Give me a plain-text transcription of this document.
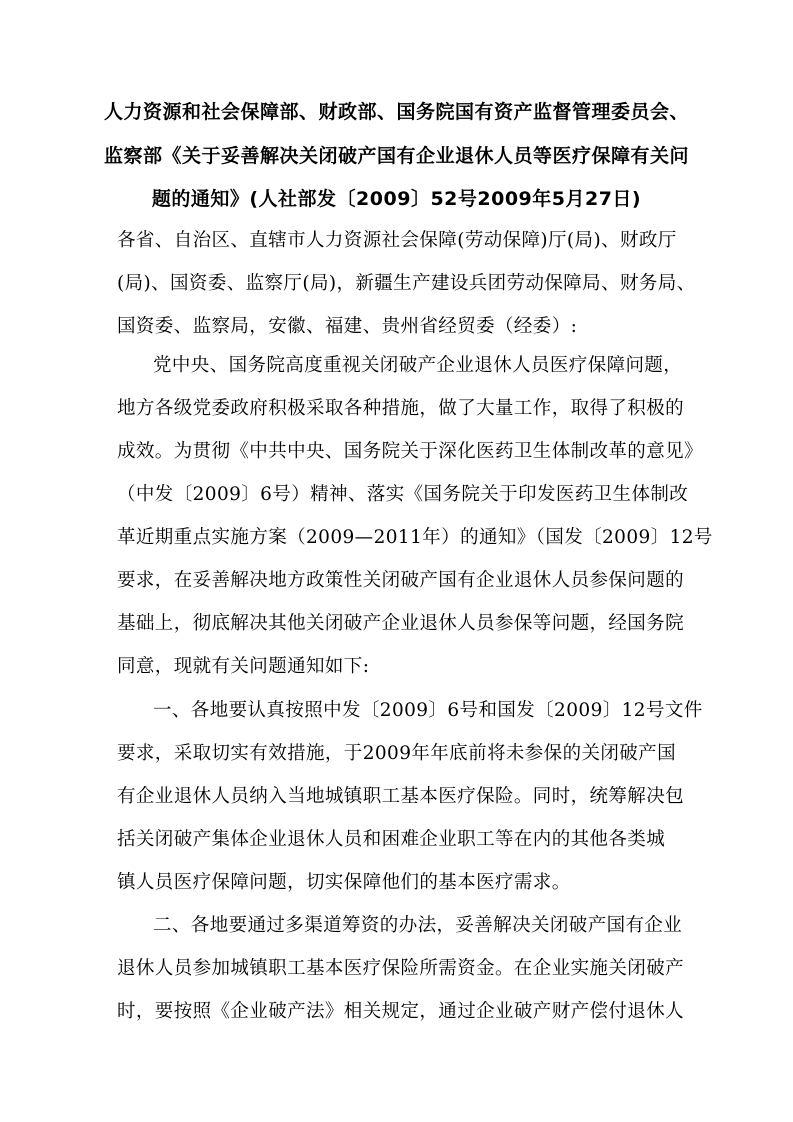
人力资源和社会保障部、财政部、国务院国有资产监督管理委员会、
监察部《关于妥善解决关闭破产国有企业退休人员等医疗保障有关问
题的通知》(人社部发〔2009〕52号2009年5月27日)
各省、自治区、直辖市人力资源社会保障(劳动保障)厅(局)、财政厅
(局)、国资委、监察厅(局)，新疆生产建设兵团劳动保障局、财务局、
国资委、监察局，安徽、福建、贵州省经贸委（经委）:
党中央、国务院高度重视关闭破产企业退休人员医疗保障问题，
地方各级党委政府积极采取各种措施，做了大量工作，取得了积极的
成效。为贯彻《中共中央、国务院关于深化医药卫生体制改革的意见》
（中发〔2009〕6号）精神、落实《国务院关于印发医药卫生体制改
革近期重点实施方案（2009—2011年）的通知》（国发〔2009〕12号
要求，在妥善解决地方政策性关闭破产国有企业退休人员参保问题的
基础上，彻底解决其他关闭破产企业退休人员参保等问题，经国务院
同意，现就有关问题通知如下:
一、各地要认真按照中发〔2009〕6号和国发〔2009〕12号文件
要求，采取切实有效措施，于2009年年底前将未参保的关闭破产国
有企业退休人员纳入当地城镇职工基本医疗保险。同时，统筹解决包
括关闭破产集体企业退休人员和困难企业职工等在内的其他各类城
镇人员医疗保障问题，切实保障他们的基本医疗需求。
二、各地要通过多渠道筹资的办法，妥善解决关闭破产国有企业
退休人员参加城镇职工基本医疗保险所需资金。在企业实施关闭破产
时，要按照《企业破产法》相关规定，通过企业破产财产偿付退休人
